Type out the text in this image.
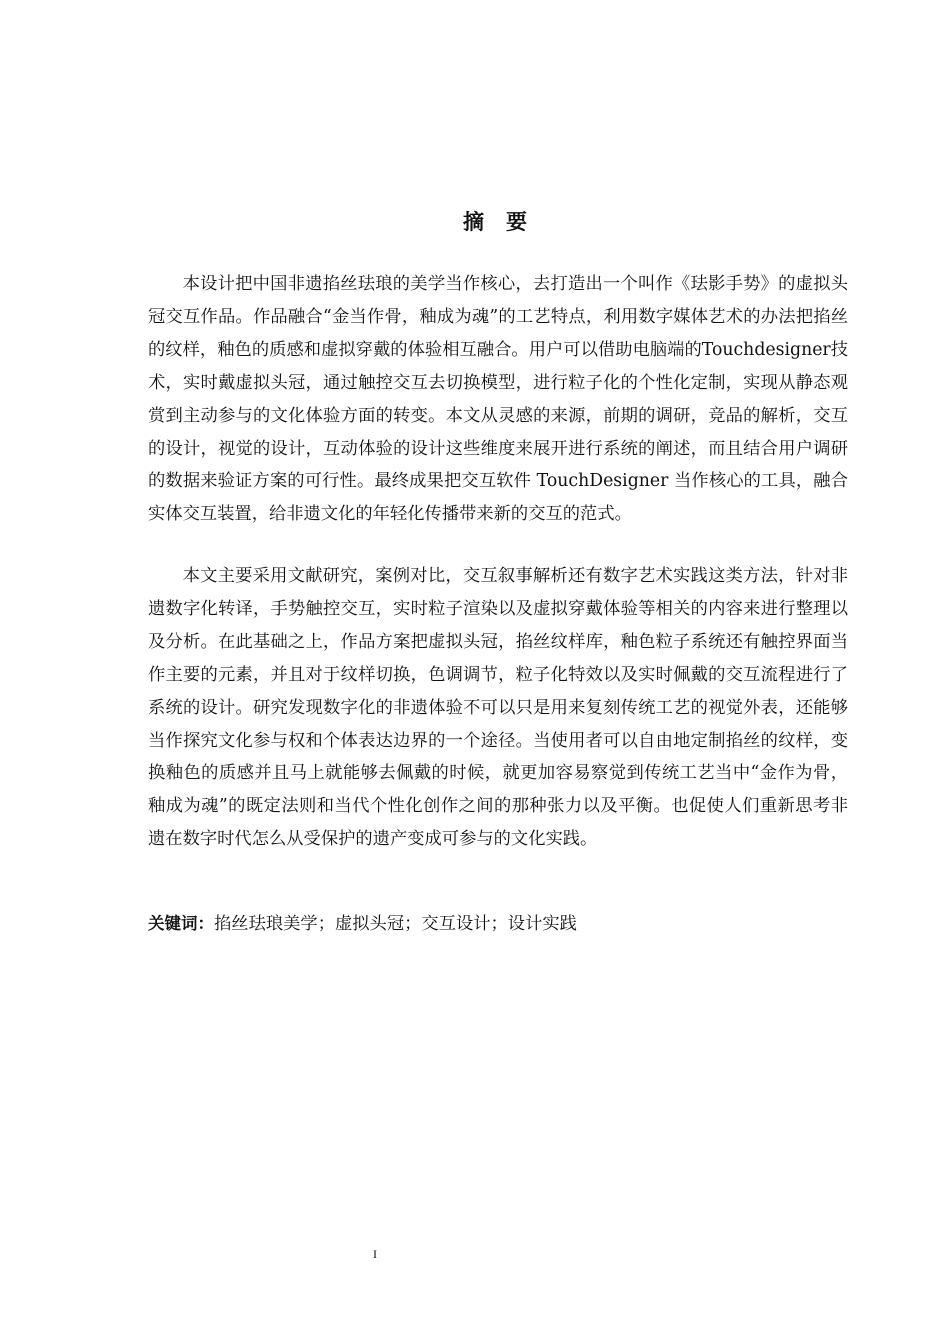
摘要

本设计把中国非遗掐丝珐琅的美学当作核心，去打造出一个叫作《珐影手势》的虚拟头冠交互作品。作品融合“金当作骨，釉成为魂”的工艺特点，利用数字媒体艺术的办法把掐丝的纹样，釉色的质感和虚拟穿戴的体验相互融合。用户可以借助电脑端的Touchdesigner技术，实时戴虚拟头冠，通过触控交互去切换模型，进行粒子化的个性化定制，实现从静态观赏到主动参与的文化体验方面的转变。本文从灵感的来源，前期的调研，竞品的解析，交互的设计，视觉的设计，互动体验的设计这些维度来展开进行系统的阐述，而且结合用户调研的数据来验证方案的可行性。最终成果把交互软件 TouchDesigner 当作核心的工具，融合实体交互装置，给非遗文化的年轻化传播带来新的交互的范式。

本文主要采用文献研究，案例对比，交互叙事解析还有数字艺术实践这类方法，针对非遗数字化转译，手势触控交互，实时粒子渲染以及虚拟穿戴体验等相关的内容来进行整理以及分析。在此基础之上，作品方案把虚拟头冠，掐丝纹样库，釉色粒子系统还有触控界面当作主要的元素，并且对于纹样切换，色调调节，粒子化特效以及实时佩戴的交互流程进行了系统的设计。研究发现数字化的非遗体验不可以只是用来复刻传统工艺的视觉外表，还能够当作探究文化参与权和个体表达边界的一个途径。当使用者可以自由地定制掐丝的纹样，变换釉色的质感并且马上就能够去佩戴的时候，就更加容易察觉到传统工艺当中“金作为骨，釉成为魂”的既定法则和当代个性化创作之间的那种张力以及平衡。也促使人们重新思考非遗在数字时代怎么从受保护的遗产变成可参与的文化实践。

关键词：掐丝珐琅美学；虚拟头冠；交互设计；设计实践
I
